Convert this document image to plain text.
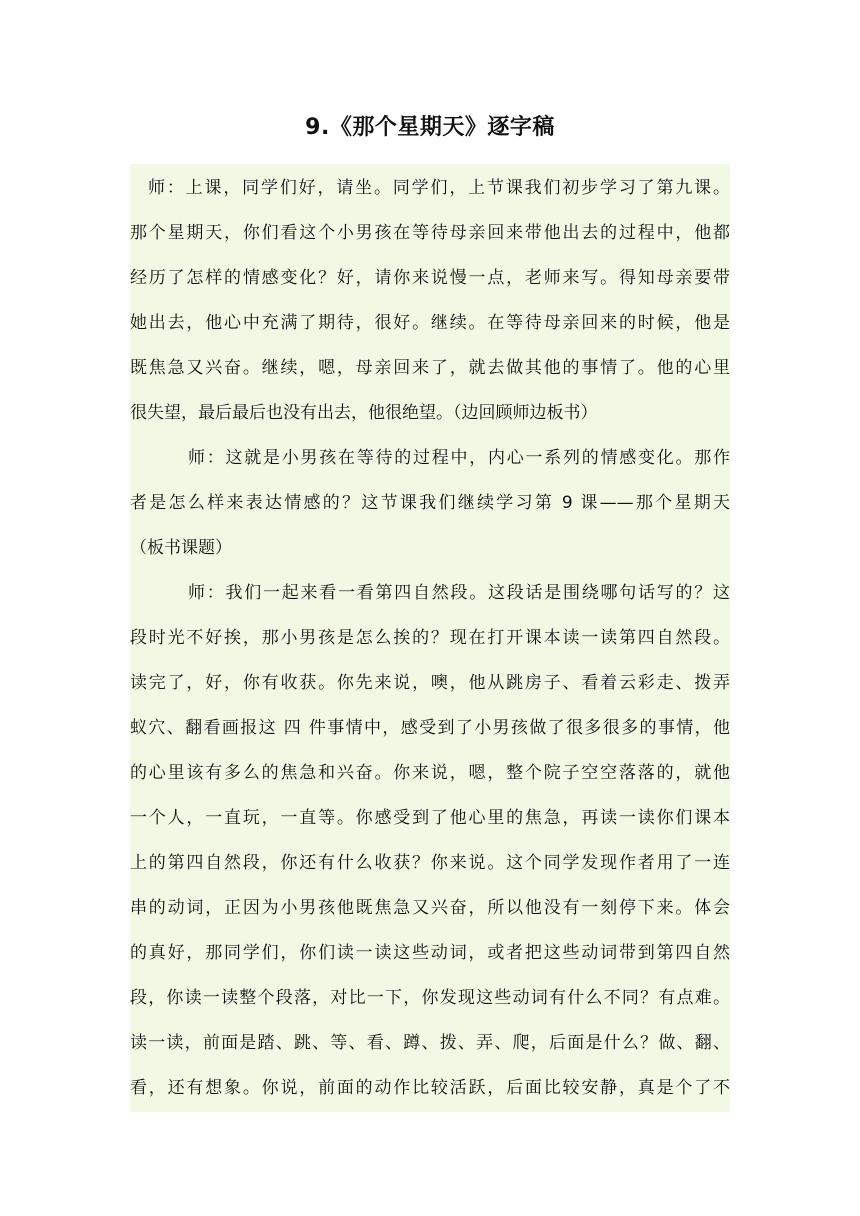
9.《那个星期天》逐字稿
师：上课，同学们好，请坐。同学们，上节课我们初步学习了第九课。
那个星期天，你们看这个小男孩在等待母亲回来带他出去的过程中，他都
经历了怎样的情感变化？好，请你来说慢一点，老师来写。得知母亲要带
她出去，他心中充满了期待，很好。继续。在等待母亲回来的时候，他是
既焦急又兴奋。继续，嗯，母亲回来了，就去做其他的事情了。他的心里
很失望，最后最后也没有出去，他很绝望。（边回顾师边板书）
师：这就是小男孩在等待的过程中，内心一系列的情感变化。那作
者是怎么样来表达情感的？这节课我们继续学习第 9 课——那个星期天
（板书课题）
师：我们一起来看一看第四自然段。这段话是围绕哪句话写的？这
段时光不好挨，那小男孩是怎么挨的？现在打开课本读一读第四自然段。
读完了，好，你有收获。你先来说，噢，他从跳房子、看着云彩走、拨弄
蚁穴、翻看画报这 四 件事情中，感受到了小男孩做了很多很多的事情，他
的心里该有多么的焦急和兴奋。你来说，嗯，整个院子空空落落的，就他
一个人，一直玩，一直等。你感受到了他心里的焦急，再读一读你们课本
上的第四自然段，你还有什么收获？你来说。这个同学发现作者用了一连
串的动词，正因为小男孩他既焦急又兴奋，所以他没有一刻停下来。体会
的真好，那同学们，你们读一读这些动词，或者把这些动词带到第四自然
段，你读一读整个段落，对比一下，你发现这些动词有什么不同？有点难。
读一读，前面是踏、跳、等、看、蹲、拨、弄、爬，后面是什么？做、翻、
看，还有想象。你说，前面的动作比较活跃，后面比较安静，真是个了不
